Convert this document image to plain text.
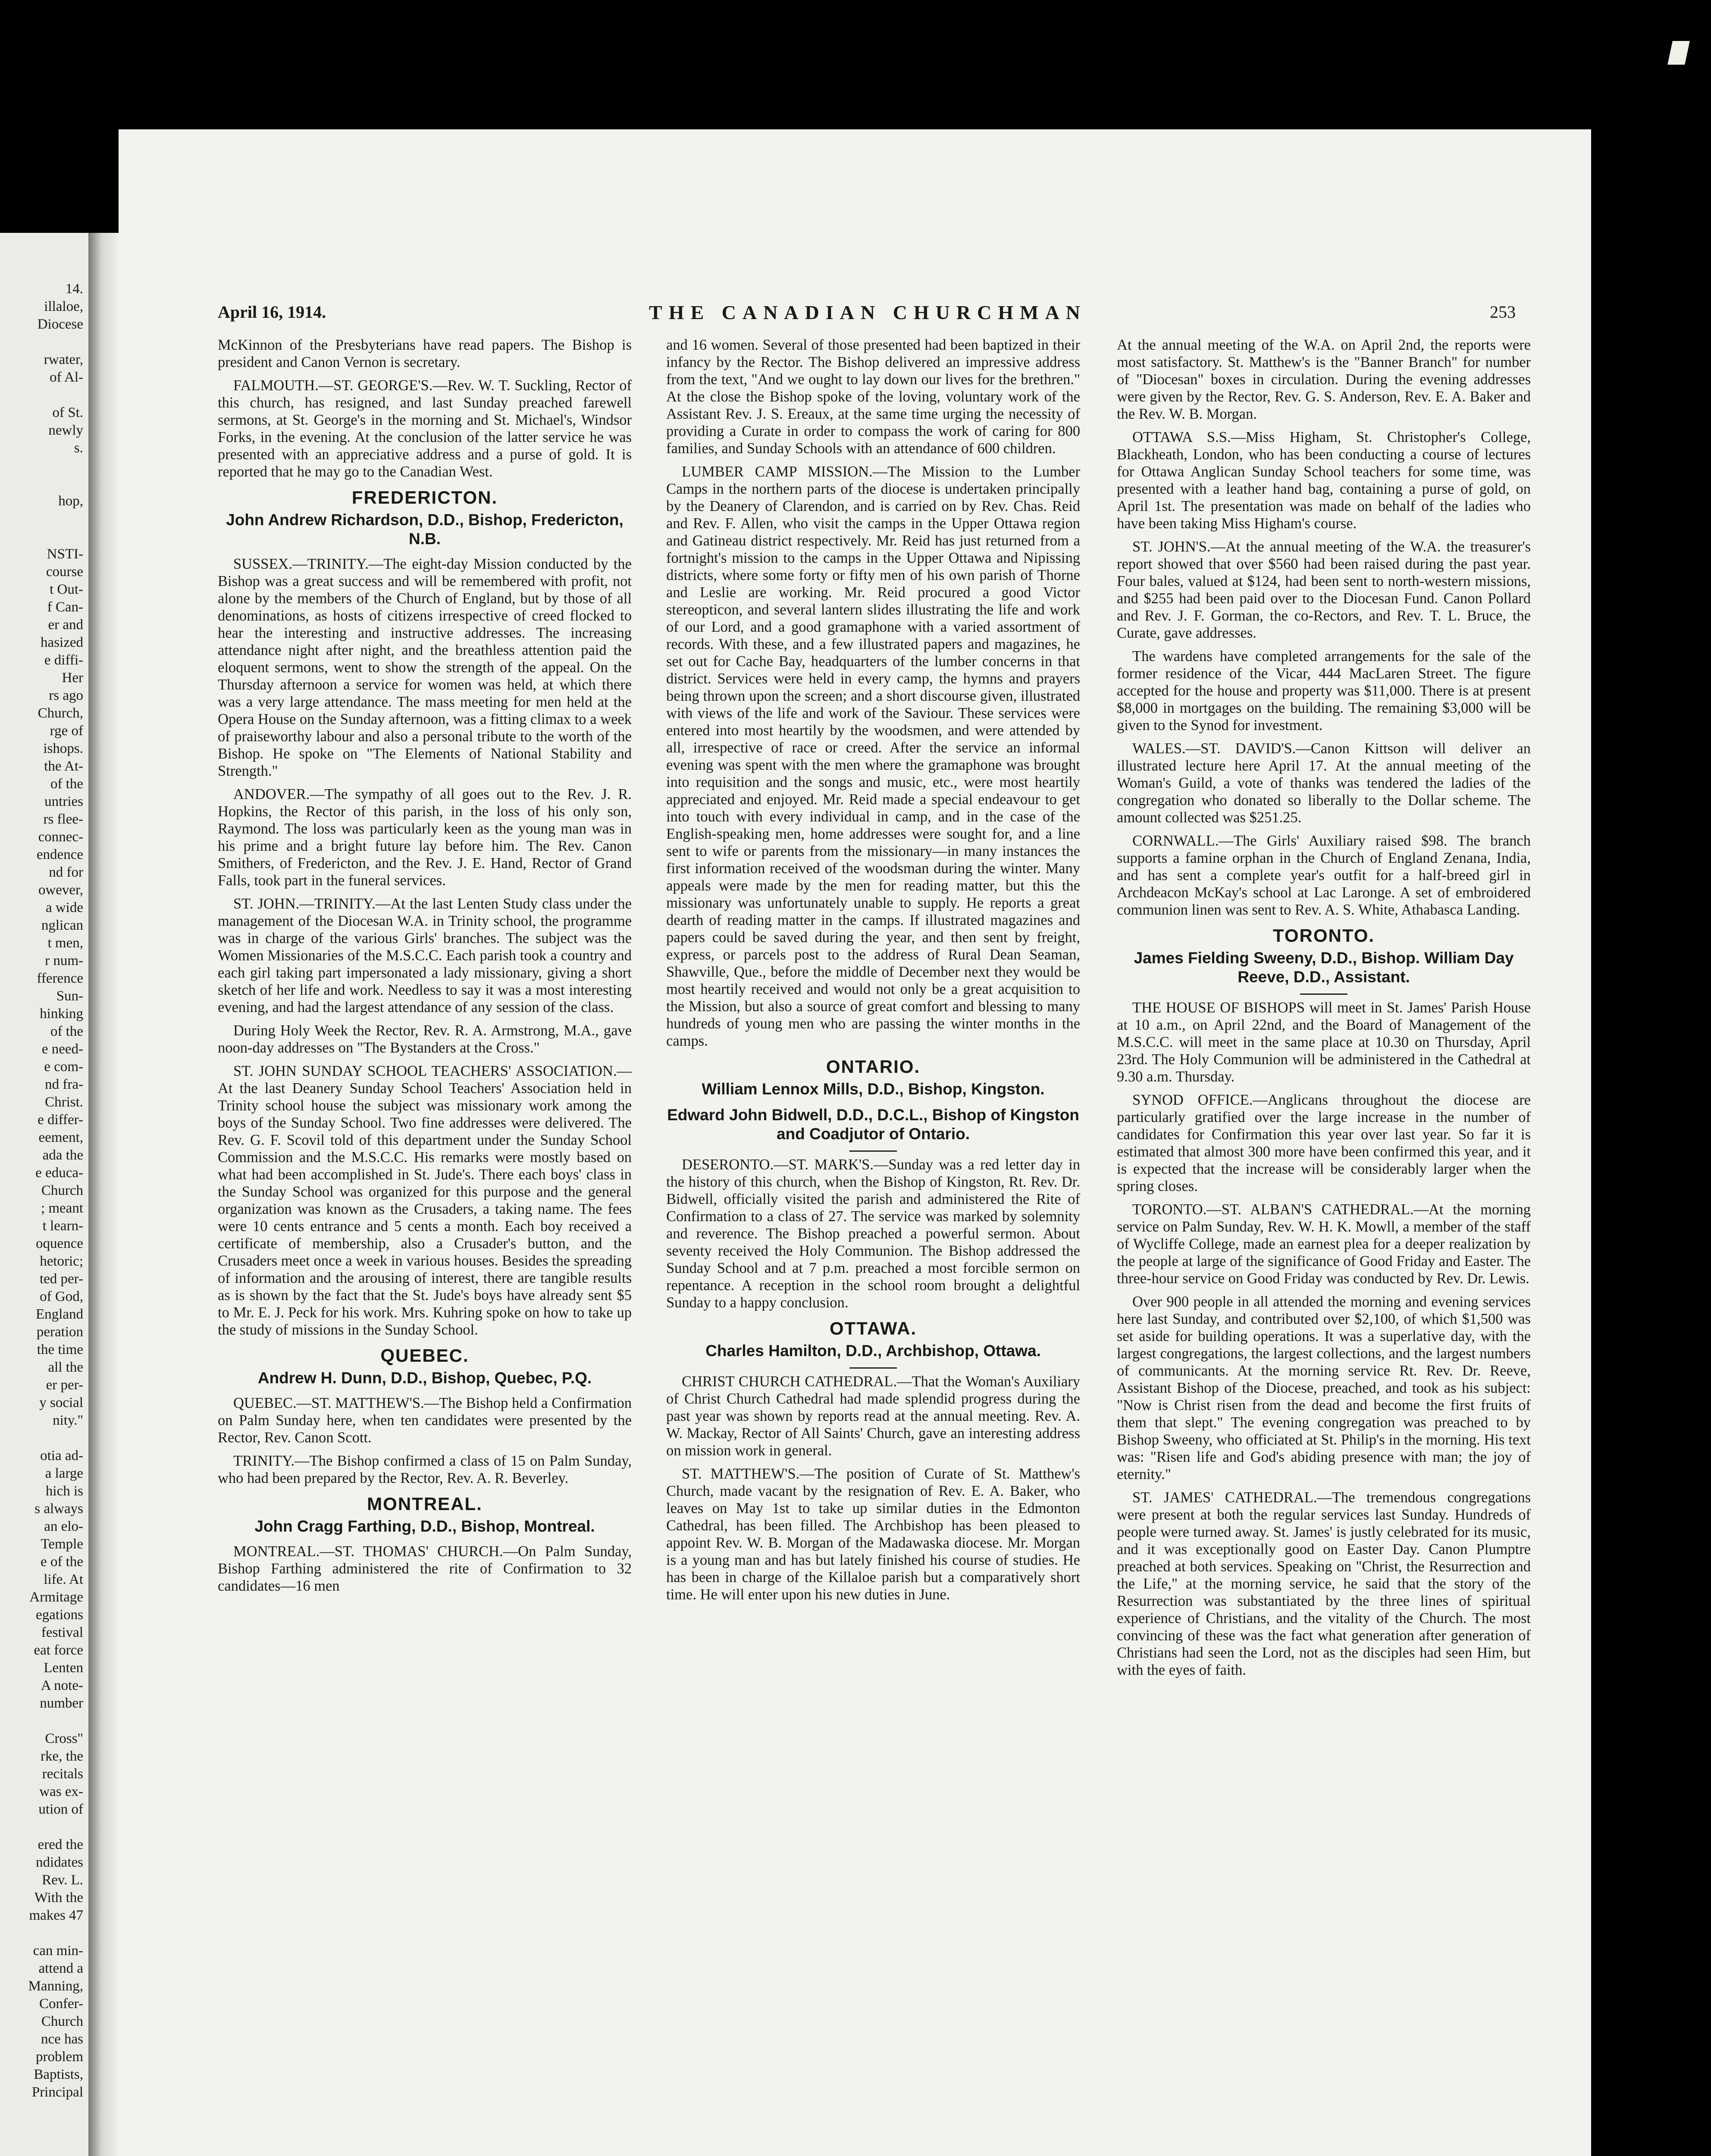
14.
illaloe,
Diocese

rwater,
of Al-

of St.
newly
s.

hop,

NSTI-
course
t Out-
f Can-
er and
hasized
e diffi-
Her
rs ago
Church,
rge of
ishops.
the At-
of the
untries
rs flee-
connec-
endence
nd for
owever,
a wide
nglican
t men,
r num-
fference
Sun-
hinking
of the
e need-
e com-
nd fra-
Christ.
e differ-
eement,
ada the
e educa-
Church
; meant
t learn-
oquence
hetoric;
ted per-
of God,
England
peration
the time
all the
er per-
y social
nity."

otia ad-
a large
hich is
s always
an elo-
Temple
e of the
life. At
Armitage
egations
festival
eat force
Lenten
A note-
number

Cross"
rke, the
recitals
was ex-
ution of

ered the
ndidates
Rev. L.
With the
makes 47

can min-
attend a
Manning,
Confer-
Church
nce has
problem
Baptists,
Principal
April 16, 1914.	THE CANADIAN CHURCHMAN	253

McKinnon of the Presbyterians have read papers. The Bishop is president and Canon Vernon is secretary.

FALMOUTH.—ST. GEORGE'S.—Rev. W. T. Suckling, Rector of this church, has resigned, and last Sunday preached farewell sermons, at St. George's in the morning and St. Michael's, Windsor Forks, in the evening. At the conclusion of the latter service he was presented with an appreciative address and a purse of gold. It is reported that he may go to the Canadian West.

FREDERICTON.
John Andrew Richardson, D.D., Bishop, Fredericton, N.B.

SUSSEX.—TRINITY.—The eight-day Mission conducted by the Bishop was a great success and will be remembered with profit, not alone by the members of the Church of England, but by those of all denominations, as hosts of citizens irrespective of creed flocked to hear the interesting and instructive addresses. The increasing attendance night after night, and the breathless attention paid the eloquent sermons, went to show the strength of the appeal. On the Thursday afternoon a service for women was held, at which there was a very large attendance. The mass meeting for men held at the Opera House on the Sunday afternoon, was a fitting climax to a week of praiseworthy labour and also a personal tribute to the worth of the Bishop. He spoke on "The Elements of National Stability and Strength."

ANDOVER.—The sympathy of all goes out to the Rev. J. R. Hopkins, the Rector of this parish, in the loss of his only son, Raymond. The loss was particularly keen as the young man was in his prime and a bright future lay before him. The Rev. Canon Smithers, of Fredericton, and the Rev. J. E. Hand, Rector of Grand Falls, took part in the funeral services.

ST. JOHN.—TRINITY.—At the last Lenten Study class under the management of the Diocesan W.A. in Trinity school, the programme was in charge of the various Girls' branches. The subject was the Women Missionaries of the M.S.C.C. Each parish took a country and each girl taking part impersonated a lady missionary, giving a short sketch of her life and work. Needless to say it was a most interesting evening, and had the largest attendance of any session of the class.

During Holy Week the Rector, Rev. R. A. Armstrong, M.A., gave noon-day addresses on "The Bystanders at the Cross."

ST. JOHN SUNDAY SCHOOL TEACHERS' ASSOCIATION.—At the last Deanery Sunday School Teachers' Association held in Trinity school house the subject was missionary work among the boys of the Sunday School. Two fine addresses were delivered. The Rev. G. F. Scovil told of this department under the Sunday School Commission and the M.S.C.C. His remarks were mostly based on what had been accomplished in St. Jude's. There each boys' class in the Sunday School was organized for this purpose and the general organization was known as the Crusaders, a taking name. The fees were 10 cents entrance and 5 cents a month. Each boy received a certificate of membership, also a Crusader's button, and the Crusaders meet once a week in various houses. Besides the spreading of information and the arousing of interest, there are tangible results as is shown by the fact that the St. Jude's boys have already sent $5 to Mr. E. J. Peck for his work. Mrs. Kuhring spoke on how to take up the study of missions in the Sunday School.

QUEBEC.
Andrew H. Dunn, D.D., Bishop, Quebec, P.Q.

QUEBEC.—ST. MATTHEW'S.—The Bishop held a Confirmation on Palm Sunday here, when ten candidates were presented by the Rector, Rev. Canon Scott.

TRINITY.—The Bishop confirmed a class of 15 on Palm Sunday, who had been prepared by the Rector, Rev. A. R. Beverley.

MONTREAL.
John Cragg Farthing, D.D., Bishop, Montreal.

MONTREAL.—ST. THOMAS' CHURCH.—On Palm Sunday, Bishop Farthing administered the rite of Confirmation to 32 candidates—16 men

and 16 women. Several of those presented had been baptized in their infancy by the Rector. The Bishop delivered an impressive address from the text, "And we ought to lay down our lives for the brethren." At the close the Bishop spoke of the loving, voluntary work of the Assistant Rev. J. S. Ereaux, at the same time urging the necessity of providing a Curate in order to compass the work of caring for 800 families, and Sunday Schools with an attendance of 600 children.

LUMBER CAMP MISSION.—The Mission to the Lumber Camps in the northern parts of the diocese is undertaken principally by the Deanery of Clarendon, and is carried on by Rev. Chas. Reid and Rev. F. Allen, who visit the camps in the Upper Ottawa region and Gatineau district respectively. Mr. Reid has just returned from a fortnight's mission to the camps in the Upper Ottawa and Nipissing districts, where some forty or fifty men of his own parish of Thorne and Leslie are working. Mr. Reid procured a good Victor stereopticon, and several lantern slides illustrating the life and work of our Lord, and a good gramaphone with a varied assortment of records. With these, and a few illustrated papers and magazines, he set out for Cache Bay, headquarters of the lumber concerns in that district. Services were held in every camp, the hymns and prayers being thrown upon the screen; and a short discourse given, illustrated with views of the life and work of the Saviour. These services were entered into most heartily by the woodsmen, and were attended by all, irrespective of race or creed. After the service an informal evening was spent with the men where the gramaphone was brought into requisition and the songs and music, etc., were most heartily appreciated and enjoyed. Mr. Reid made a special endeavour to get into touch with every individual in camp, and in the case of the English-speaking men, home addresses were sought for, and a line sent to wife or parents from the missionary—in many instances the first information received of the woodsman during the winter. Many appeals were made by the men for reading matter, but this the missionary was unfortunately unable to supply. He reports a great dearth of reading matter in the camps. If illustrated magazines and papers could be saved during the year, and then sent by freight, express, or parcels post to the address of Rural Dean Seaman, Shawville, Que., before the middle of December next they would be most heartily received and would not only be a great acquisition to the Mission, but also a source of great comfort and blessing to many hundreds of young men who are passing the winter months in the camps.

ONTARIO.
William Lennox Mills, D.D., Bishop, Kingston.
Edward John Bidwell, D.D., D.C.L., Bishop of Kingston and Coadjutor of Ontario.

DESERONTO.—ST. MARK'S.—Sunday was a red letter day in the history of this church, when the Bishop of Kingston, Rt. Rev. Dr. Bidwell, officially visited the parish and administered the Rite of Confirmation to a class of 27. The service was marked by solemnity and reverence. The Bishop preached a powerful sermon. About seventy received the Holy Communion. The Bishop addressed the Sunday School and at 7 p.m. preached a most forcible sermon on repentance. A reception in the school room brought a delightful Sunday to a happy conclusion.

OTTAWA.
Charles Hamilton, D.D., Archbishop, Ottawa.

CHRIST CHURCH CATHEDRAL.—That the Woman's Auxiliary of Christ Church Cathedral had made splendid progress during the past year was shown by reports read at the annual meeting. Rev. A. W. Mackay, Rector of All Saints' Church, gave an interesting address on mission work in general.

ST. MATTHEW'S.—The position of Curate of St. Matthew's Church, made vacant by the resignation of Rev. E. A. Baker, who leaves on May 1st to take up similar duties in the Edmonton Cathedral, has been filled. The Archbishop has been pleased to appoint Rev. W. B. Morgan of the Madawaska diocese. Mr. Morgan is a young man and has but lately finished his course of studies. He has been in charge of the Killaloe parish but a comparatively short time. He will enter upon his new duties in June.

At the annual meeting of the W.A. on April 2nd, the reports were most satisfactory. St. Matthew's is the "Banner Branch" for number of "Diocesan" boxes in circulation. During the evening addresses were given by the Rector, Rev. G. S. Anderson, Rev. E. A. Baker and the Rev. W. B. Morgan.

OTTAWA S.S.—Miss Higham, St. Christopher's College, Blackheath, London, who has been conducting a course of lectures for Ottawa Anglican Sunday School teachers for some time, was presented with a leather hand bag, containing a purse of gold, on April 1st. The presentation was made on behalf of the ladies who have been taking Miss Higham's course.

ST. JOHN'S.—At the annual meeting of the W.A. the treasurer's report showed that over $560 had been raised during the past year. Four bales, valued at $124, had been sent to north-western missions, and $255 had been paid over to the Diocesan Fund. Canon Pollard and Rev. J. F. Gorman, the co-Rectors, and Rev. T. L. Bruce, the Curate, gave addresses.

The wardens have completed arrangements for the sale of the former residence of the Vicar, 444 MacLaren Street. The figure accepted for the house and property was $11,000. There is at present $8,000 in mortgages on the building. The remaining $3,000 will be given to the Synod for investment.

WALES.—ST. DAVID'S.—Canon Kittson will deliver an illustrated lecture here April 17. At the annual meeting of the Woman's Guild, a vote of thanks was tendered the ladies of the congregation who donated so liberally to the Dollar scheme. The amount collected was $251.25.

CORNWALL.—The Girls' Auxiliary raised $98. The branch supports a famine orphan in the Church of England Zenana, India, and has sent a complete year's outfit for a half-breed girl in Archdeacon McKay's school at Lac Laronge. A set of embroidered communion linen was sent to Rev. A. S. White, Athabasca Landing.

TORONTO.
James Fielding Sweeny, D.D., Bishop. William Day Reeve, D.D., Assistant.

THE HOUSE OF BISHOPS will meet in St. James' Parish House at 10 a.m., on April 22nd, and the Board of Management of the M.S.C.C. will meet in the same place at 10.30 on Thursday, April 23rd. The Holy Communion will be administered in the Cathedral at 9.30 a.m. Thursday.

SYNOD OFFICE.—Anglicans throughout the diocese are particularly gratified over the large increase in the number of candidates for Confirmation this year over last year. So far it is estimated that almost 300 more have been confirmed this year, and it is expected that the increase will be considerably larger when the spring closes.

TORONTO.—ST. ALBAN'S CATHEDRAL.—At the morning service on Palm Sunday, Rev. W. H. K. Mowll, a member of the staff of Wycliffe College, made an earnest plea for a deeper realization by the people at large of the significance of Good Friday and Easter. The three-hour service on Good Friday was conducted by Rev. Dr. Lewis.

Over 900 people in all attended the morning and evening services here last Sunday, and contributed over $2,100, of which $1,500 was set aside for building operations. It was a superlative day, with the largest congregations, the largest collections, and the largest numbers of communicants. At the morning service Rt. Rev. Dr. Reeve, Assistant Bishop of the Diocese, preached, and took as his subject: "Now is Christ risen from the dead and become the first fruits of them that slept." The evening congregation was preached to by Bishop Sweeny, who officiated at St. Philip's in the morning. His text was: "Risen life and God's abiding presence with man; the joy of eternity."

ST. JAMES' CATHEDRAL.—The tremendous congregations were present at both the regular services last Sunday. Hundreds of people were turned away. St. James' is justly celebrated for its music, and it was exceptionally good on Easter Day. Canon Plumptre preached at both services. Speaking on "Christ, the Resurrection and the Life," at the morning service, he said that the story of the Resurrection was substantiated by the three lines of spiritual experience of Christians, and the vitality of the Church. The most convincing of these was the fact what generation after generation of Christians had seen the Lord, not as the disciples had seen Him, but with the eyes of faith.
